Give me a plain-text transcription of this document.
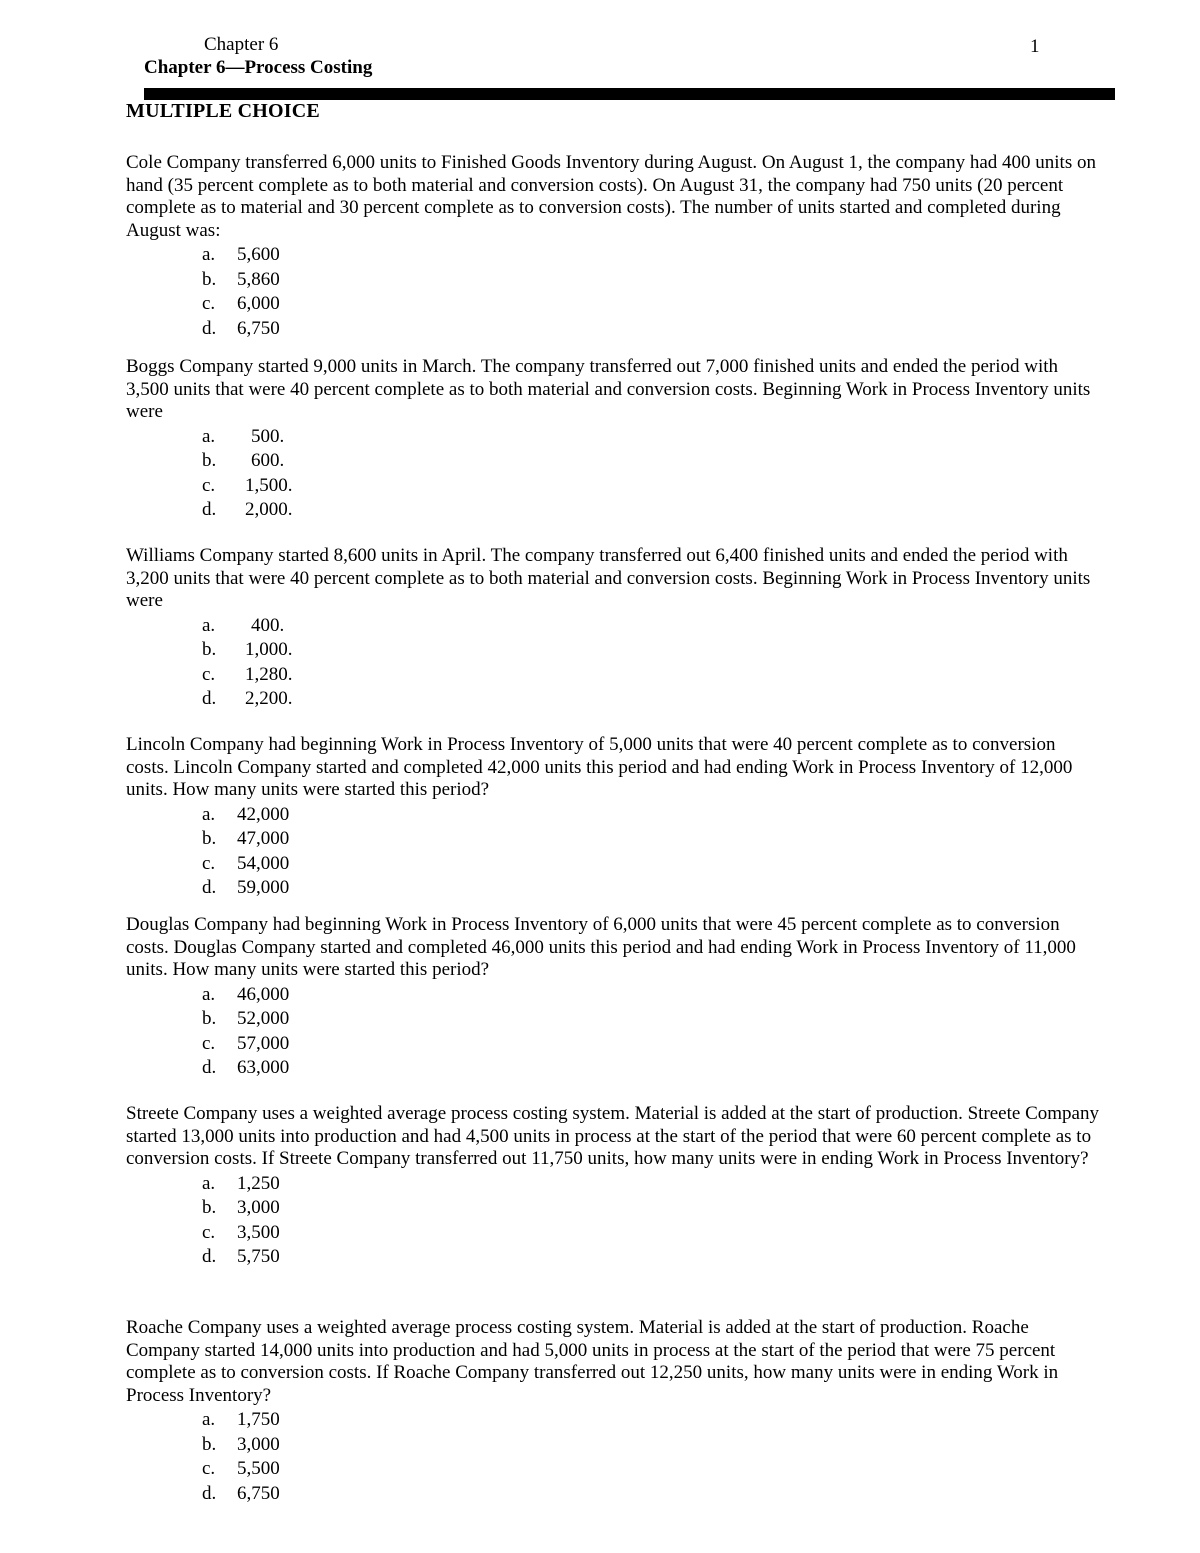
Chapter 6	1
Chapter 6—Process Costing
MULTIPLE CHOICE

Cole Company transferred 6,000 units to Finished Goods Inventory during August. On August 1, the company had 400 units on hand (35 percent complete as to both material and conversion costs). On August 31, the company had 750 units (20 percent complete as to material and 30 percent complete as to conversion costs). The number of units started and completed during August was:

a.	5,600
b.	5,860
c.	6,000
d.	6,750

Boggs Company started 9,000 units in March. The company transferred out 7,000 finished units and ended the period with 3,500 units that were 40 percent complete as to both material and conversion costs. Beginning Work in Process Inventory units were

a.	500.
b.	600.
c.	1,500.
d.	2,000.

Williams Company started 8,600 units in April. The company transferred out 6,400 finished units and ended the period with 3,200 units that were 40 percent complete as to both material and conversion costs. Beginning Work in Process Inventory units were

a.	400.
b.	1,000.
c.	1,280.
d.	2,200.

Lincoln Company had beginning Work in Process Inventory of 5,000 units that were 40 percent complete as to conversion costs. Lincoln Company started and completed 42,000 units this period and had ending Work in Process Inventory of 12,000 units. How many units were started this period?

a.	42,000
b.	47,000
c.	54,000
d.	59,000

Douglas Company had beginning Work in Process Inventory of 6,000 units that were 45 percent complete as to conversion costs. Douglas Company started and completed 46,000 units this period and had ending Work in Process Inventory of 11,000 units. How many units were started this period?

a.	46,000
b.	52,000
c.	57,000
d.	63,000

Streete Company uses a weighted average process costing system. Material is added at the start of production. Streete Company started 13,000 units into production and had 4,500 units in process at the start of the period that were 60 percent complete as to conversion costs. If Streete Company transferred out 11,750 units, how many units were in ending Work in Process Inventory?

a.	1,250
b.	3,000
c.	3,500
d.	5,750

Roache Company uses a weighted average process costing system. Material is added at the start of production. Roache Company started 14,000 units into production and had 5,000 units in process at the start of the period that were 75 percent complete as to conversion costs. If Roache Company transferred out 12,250 units, how many units were in ending Work in Process Inventory?

a.	1,750
b.	3,000
c.	5,500
d.	6,750
